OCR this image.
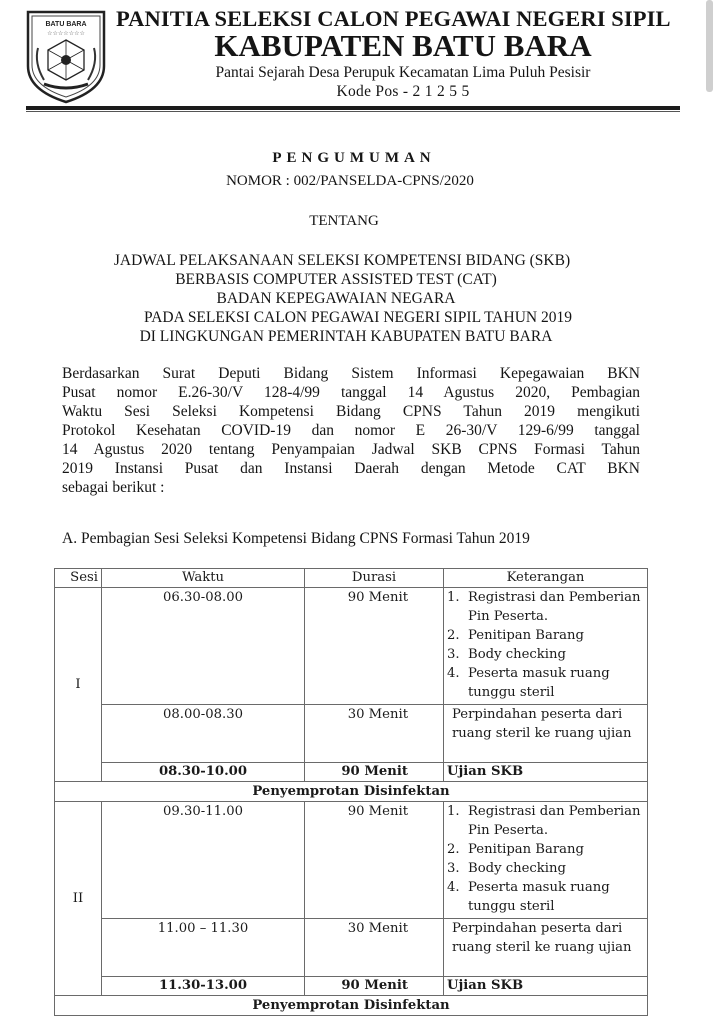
BATU BARA
☆☆☆☆☆☆☆
PANITIA SELEKSI CALON PEGAWAI NEGERI SIPIL
KABUPATEN BATU BARA
Pantai Sejarah Desa Perupuk Kecamatan Lima Puluh Pesisir
Kode Pos - 2 1 2 5 5
PENGUMUMAN
NOMOR : 002/PANSELDA-CPNS/2020
TENTANG
JADWAL PELAKSANAAN SELEKSI KOMPETENSI BIDANG (SKB)
BERBASIS COMPUTER ASSISTED TEST (CAT)
BADAN KEPEGAWAIAN NEGARA
PADA SELEKSI CALON PEGAWAI NEGERI SIPIL TAHUN 2019
DI LINGKUNGAN PEMERINTAH KABUPATEN BATU BARA
Berdasarkan Surat Deputi Bidang Sistem Informasi Kepegawaian BKN
Pusat nomor E.26-30/V 128-4/99 tanggal 14 Agustus 2020, Pembagian
Waktu Sesi Seleksi Kompetensi Bidang CPNS Tahun 2019 mengikuti
Protokol Kesehatan COVID-19 dan nomor E 26-30/V 129-6/99 tanggal
14 Agustus 2020 tentang Penyampaian Jadwal SKB CPNS Formasi Tahun
2019 Instansi Pusat dan Instansi Daerah dengan Metode CAT BKN
sebagai berikut :
A. Pembagian Sesi Seleksi Kompetensi Bidang CPNS Formasi Tahun 2019
Sesi	Waktu	Durasi	Keterangan
I	06.30-08.00	90 Menit	1. Registrasi dan Pemberian Pin Peserta.
2. Penitipan Barang
3. Body checking
4. Peserta masuk ruang tunggu steril

	08.00-08.30	30 Menit	Perpindahan peserta dari ruang steril ke ruang ujian
	08.30-10.00	90 Menit	Ujian SKB
Penyemprotan Disinfektan			
II	09.30-11.00	90 Menit	1. Registrasi dan Pemberian Pin Peserta.
2. Penitipan Barang
3. Body checking
4. Peserta masuk ruang tunggu steril

	11.00 – 11.30	30 Menit	Perpindahan peserta dari ruang steril ke ruang ujian
	11.30-13.00	90 Menit	Ujian SKB
Penyemprotan Disinfektan			
